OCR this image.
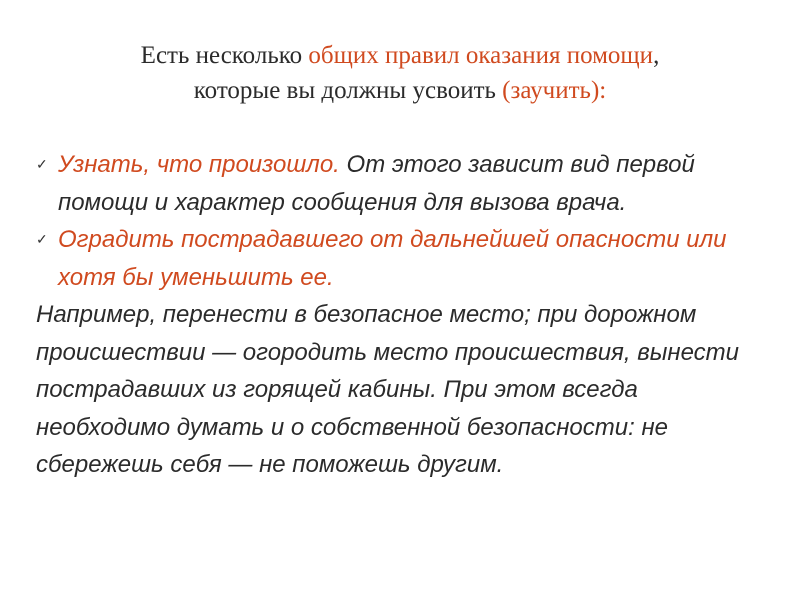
Есть несколько общих правил оказания помощи,
которые вы должны усвоить (заучить):
✓ Узнать, что произошло. От этого зависит вид первой помощи и характер сообщения для вызова врача.
✓ Оградить пострадавшего от дальнейшей опасности или хотя бы уменьшить ее.

Например, перенести в безопасное место; при дорожном происшествии — огородить место происшествия, вынести пострадавших из горящей кабины. При этом всегда необходимо думать и о собственной безопасности: не сбережешь себя — не поможешь другим.
